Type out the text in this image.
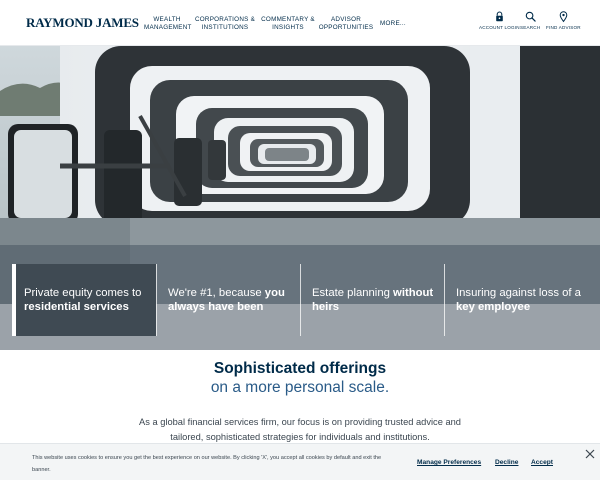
RAYMOND JAMES	WEALTH MANAGEMENT
CORPORATIONS & INSTITUTIONS
COMMENTARY & INSIGHTS
ADVISOR OPPORTUNITIES
MORE...
ACCOUNT LOGIN SEARCH FIND ADVISOR
Private equity comes to residential services
We're #1, because you always have been
Estate planning without heirs
Insuring against loss of a key employee
Sophisticated offerings
on a more personal scale.

As a global financial services firm, our focus is on providing trusted advice and tailored, sophisticated strategies for individuals and institutions.

This website uses cookies to ensure you get the best experience on our website. By clicking 'X', you accept all cookies by default and exit the banner.
Manage Preferences Decline Accept
